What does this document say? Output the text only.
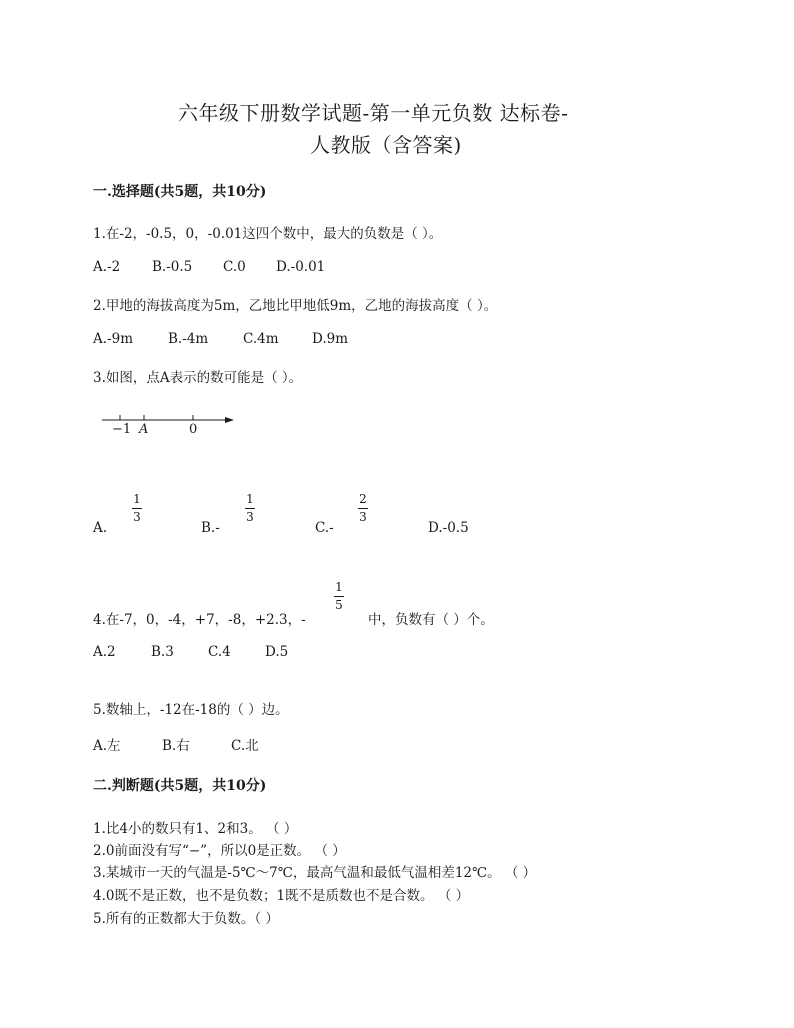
六年级下册数学试题-第一单元负数 达标卷-
人教版（含答案)
一.选择题(共5题，共10分)
1.在-2，-0.5，0，-0.01这四个数中，最大的负数是（ ）。
A.-2 B.-0.5 C.0 D.-0.01
2.甲地的海拔高度为5m，乙地比甲地低9m，乙地的海拔高度（ ）。
A.-9m	B.-4m	C.4m D.9m
3.如图，点A表示的数可能是（ ）。
−1 A	0
A.
1
3
B.-
1
3
C.-
2
3
D.-0.5
4.在-7，0，-4，+7，-8，+2.3，-
1
5
中，负数有（ ）个。
A.2	B.3	C.4	D.5
5.数轴上，-12在-18的（ ）边。
A.左	B.右	C.北
二.判断题(共5题，共10分)
1.比4小的数只有1、2和3。 （ ）
2.0前面没有写“−”，所以0是正数。 （ ）
3.某城市一天的气温是-5℃～7℃，最高气温和最低气温相差12℃。 （ ）
4.0既不是正数，也不是负数；1既不是质数也不是合数。 （ ）
5.所有的正数都大于负数。（ ）
